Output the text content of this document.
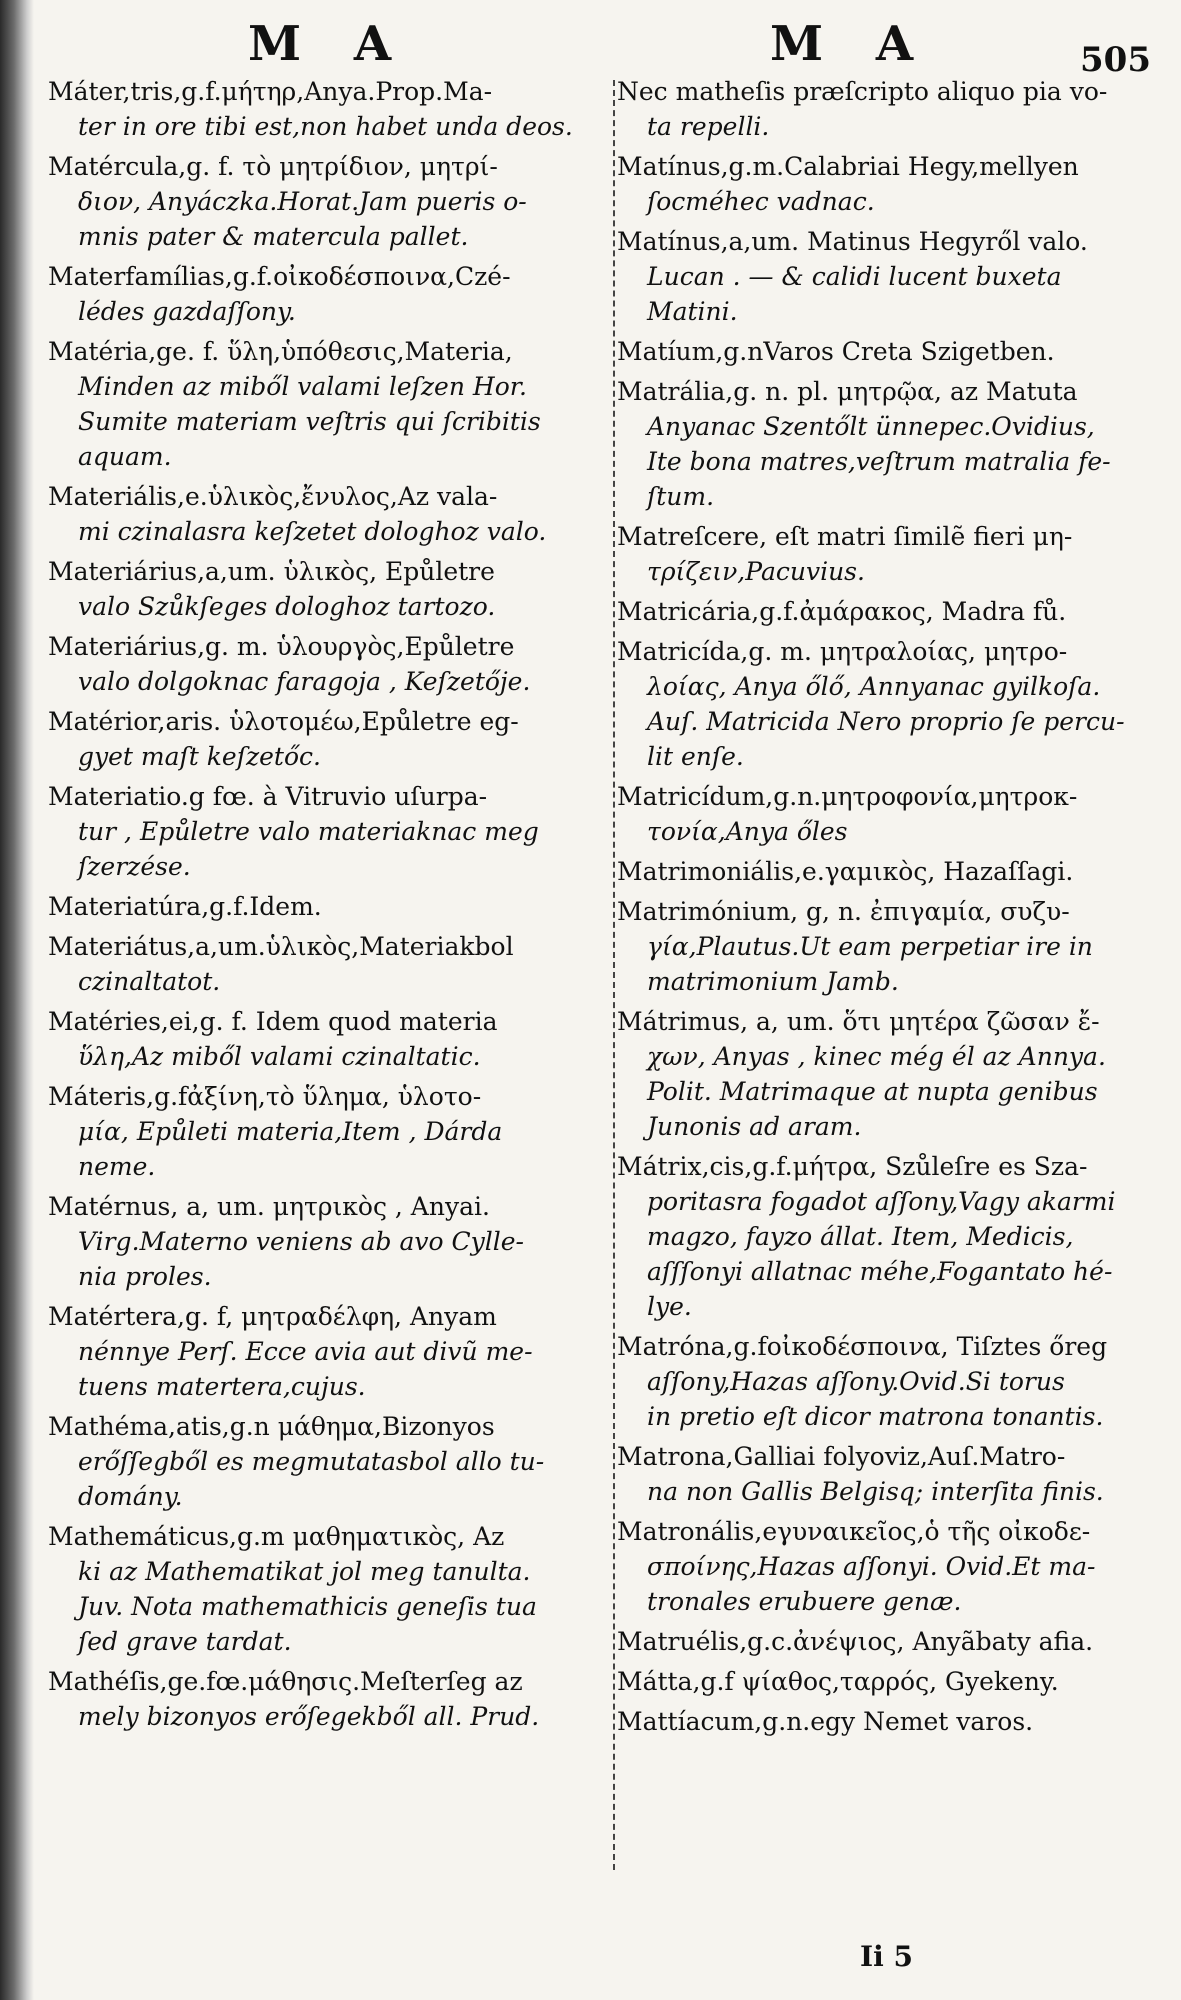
M A	M A	505

Máter,tris,g.f.μήτηρ,Anya.Prop.Ma-

ter in ore tibi est,non habet unda deos.

Matércula,g. f. τὸ μητρίδιον, μητρί-

διον, Anyáczka.Horat.Jam pueris o-

mnis pater & matercula pallet.

Materfamílias,g.f.οἰκοδέσποινα,Czé-

lédes gazdaſſony.

Matéria,ge. f. ὕλη,ὑπόθεσις,Materia,

Minden az miből valami leſzen Hor.

Sumite materiam veſtris qui ſcribitis

aquam.

Materiális,e.ὑλικὸς,ἔνυλος,Az vala-

mi czinalasra keſzetet dologhoz valo.

Materiárius,a,um. ὑλικὸς, Epůletre

valo Szůkſeges dologhoz tartozo.

Materiárius,g. m. ὑλουργὸς,Epůletre

valo dolgoknac faragoja , Keſzetője.

Matérior,aris. ὑλοτομέω,Epůletre eg-

gyet maſt keſzetőc.

Materiatio.g fœ. à Vitruvio uſurpa-

tur , Epůletre valo materiaknac meg

ſzerzése.

Materiatúra,g.f.Idem.

Materiátus,a,um.ὑλικὸς,Materiakbol

czinaltatot.

Matéries,ei,g. f. Idem quod materia

ὕλη,Az miből valami czinaltatic.

Máteris,g.fἀξίνη,τὸ ὕλημα, ὑλοτο-

μία, Epůleti materia,Item , Dárda

neme.

Matérnus, a, um. μητρικὸς , Anyai.

Virg.Materno veniens ab avo Cylle-

nia proles.

Matértera,g. f, μητραδέλφη, Anyam

nénnye Perſ. Ecce avia aut divũ me-

tuens matertera,cujus.

Mathéma,atis,g.n μάθημα,Bizonyos

erőſſegből es megmutatasbol allo tu-

domány.

Mathemáticus,g.m μαθηματικὸς, Az

ki az Mathematikat jol meg tanulta.

Juv. Nota mathemathicis geneſis tua

ſed grave tardat.

Mathéſis,ge.fœ.μάθησις.Meſterſeg az

mely bizonyos erőſegekből all. Prud.

Nec matheſis præſcripto aliquo pia vo-

ta repelli.

Matínus,g.m.Calabriai Hegy,mellyen

ſocméhec vadnac.

Matínus,a,um. Matinus Hegyről valo.

Lucan . — & calidi lucent buxeta

Matini.

Matíum,g.nVaros Creta Szigetben.

Matrália,g. n. pl. μητρῷα, az Matuta

Anyanac Szentőlt ünnepec.Ovidius,

Ite bona matres,veſtrum matralia fe-

ſtum.

Matreſcere, eſt matri ſimilẽ fieri μη-

τρίζειν,Pacuvius.

Matricária,g.f.ἀμάρακος, Madra fů.

Matricída,g. m. μητραλοίας, μητρο-

λοίας, Anya őlő, Annyanac gyilkoſa.

Auſ. Matricida Nero proprio ſe percu-

lit enſe.

Matricídum,g.n.μητροφονία,μητροκ-

τονία,Anya őles

Matrimoniális,e.γαμικὸς, Hazaſſagi.

Matrimónium, g, n. ἐπιγαμία, συζυ-

γία,Plautus.Ut eam perpetiar ire in

matrimonium Jamb.

Mátrimus, a, um. ὅτι μητέρα ζῶσαν ἔ-

χων, Anyas , kinec még él az Annya.

Polit. Matrimaque at nupta genibus

Junonis ad aram.

Mátrix,cis,g.f.μήτρα, Szůleſre es Sza-

poritasra fogadot aſſony,Vagy akarmi

magzo, fayzo állat. Item, Medicis,

aſſſonyi allatnac méhe,Fogantato hé-

lye.

Matróna,g.fοἰκοδέσποινα, Tiſztes őreg

aſſony,Hazas aſſony.Ovid.Si torus

in pretio eſt dicor matrona tonantis.

Matrona,Galliai folyoviz,Auſ.Matro-

na non Gallis Belgisq; interſita finis.

Matronális,eγυναικεῖος,ὁ τῆς οἰκοδε-

σποίνης,Hazas aſſonyi. Ovid.Et ma-

tronales erubuere genæ.

Matruélis,g.c.ἀνέψιος, Anyãbaty afia.

Mátta,g.f ψίαθος,ταρρός, Gyekeny.

Mattíacum,g.n.egy Nemet varos.

Ii 5
